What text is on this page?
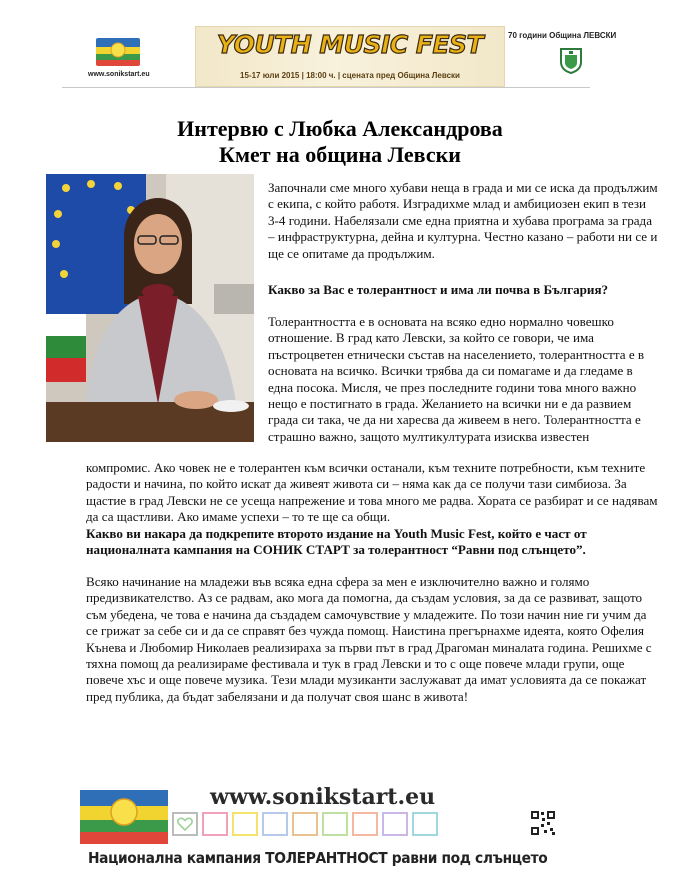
www.sonikstart.eu
YOUTH MUSIC FEST
15-17 юли 2015 | 18:00 ч. | сцената пред Община Левски
70 години Община ЛЕВСКИ
Интервю с Любка Александрова
Кмет на община Левски

Започнали сме много хубави неща в града и ми се иска да продължим с екипа, с който работя. Изградихме млад и амбициозен екип в тези 3-4 години. Набелязали сме една приятна и хубава програма за града – инфраструктурна, дейна и културна. Честно казано – работи ни се и ще се опитаме да продължим.

Какво за Вас е толерантност и има ли почва в България?

Толерантността е в основата на всяко едно нормално човешко отношение. В град като Левски, за който се говори, че има пъстроцветен етнически състав на населението, толерантността е в основата на всичко. Всички трябва да си помагаме и да гледаме в една посока. Мисля, че през последните години това много важно нещо е постигнато в града. Желанието на всички ни е да развием града си така, че да ни харесва да живеем в него. Толерантността е страшно важно, защото мултикултурата изисква известен

компромис. Ако човек не е толерантен към всички останали, към техните потребности, към техните радости и начина, по който искат да живеят живота си – няма как да се получи тази симбиоза. За щастие в град Левски не се усеща напрежение и това много ме радва. Хората се разбират и се надявам да са щастливи. Ако имаме успехи – то те ще са общи.

Какво ви накара да подкрепите второто издание на Youth Music Fest, който е част от националната кампания на СОНИК СТАРТ за толерантност “Равни под слънцето”.

Всяко начинание на младежи във всяка една сфера за мен е изключително важно и голямо предизвикателство. Аз се радвам, ако мога да помогна, да създам условия, за да се развиват, защото съм убедена, че това е начина да създадем самочувствие у младежите. По този начин ние ги учим да се грижат за себе си и да се справят без чужда помощ. Наистина прегърнахме идеята, която Офелия Кънева и Любомир Николаев реализираха за първи път в град Драгоман миналата година. Решихме с тяхна помощ да реализираме фестивала и тук в град Левски и то с още повече млади групи, още повече хъс и още повече музика. Тези млади музиканти заслужават да имат условията да се покажат пред публика, да бъдат забелязани и да получат своя шанс в живота!

www.sonikstart.eu
Национална кампания ТОЛЕРАНТНОСТ равни под слънцето
